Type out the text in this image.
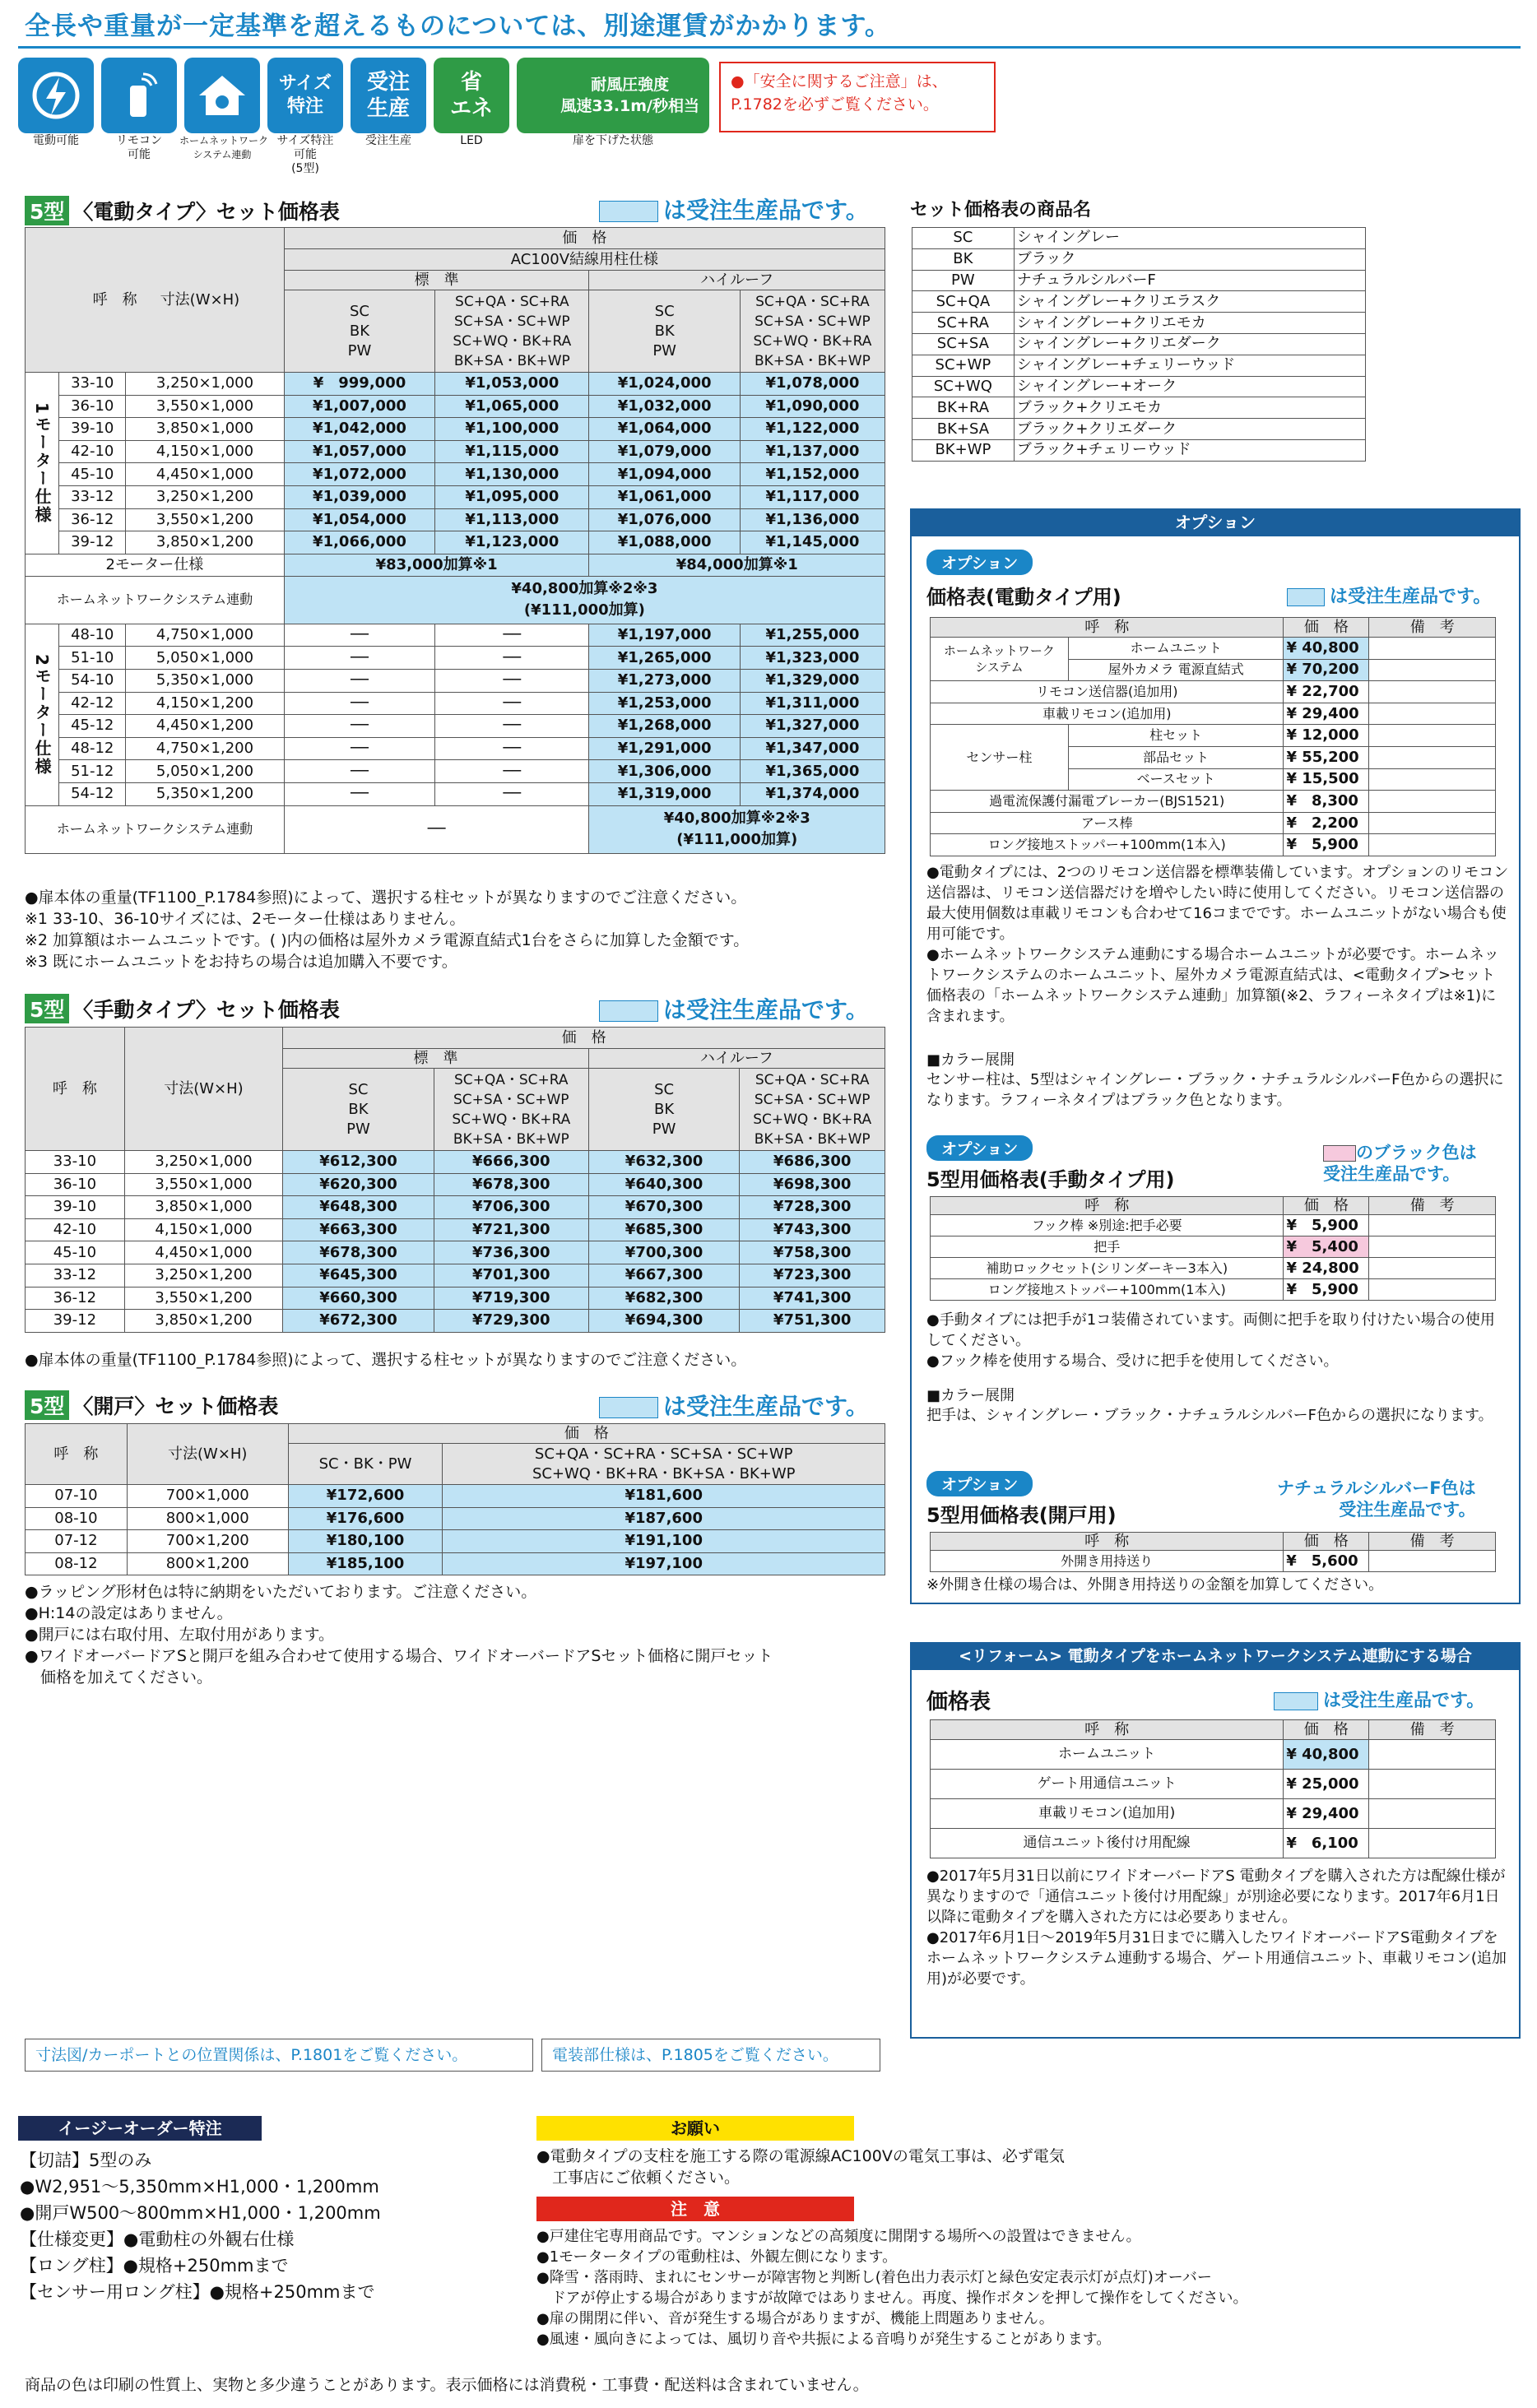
全長や重量が一定基準を超えるものについては、別途運賃がかかります。
電動可能	リモコン
可能
ホームネットワーク
システム連動
サイズ
特注
サイズ特注
可能
(5型)
受注
生産
受注生産
省
エネ
LED
耐風圧強度
風速33.1m/秒相当
扉を下げた状態
●「安全に関するご注意」は、
P.1782を必ずご覧ください。
5型 〈電動タイプ〉セット価格表	は受注生産品です。
呼　称 寸法(W×H)			価　格			
			AC100V結線用柱仕様			
			標　準		ハイルーフ	
			SC
BK
PW	SC+QA・SC+RA
SC+SA・SC+WP
SC+WQ・BK+RA
BK+SA・BK+WP	SC
BK
PW	SC+QA・SC+RA
SC+SA・SC+WP
SC+WQ・BK+RA
BK+SA・BK+WP
1モーター仕様	33-10	3,250×1,000	¥　999,000	¥1,053,000	¥1,024,000	¥1,078,000
	36-10	3,550×1,000	¥1,007,000	¥1,065,000	¥1,032,000	¥1,090,000
	39-10	3,850×1,000	¥1,042,000	¥1,100,000	¥1,064,000	¥1,122,000
	42-10	4,150×1,000	¥1,057,000	¥1,115,000	¥1,079,000	¥1,137,000
	45-10	4,450×1,000	¥1,072,000	¥1,130,000	¥1,094,000	¥1,152,000
	33-12	3,250×1,200	¥1,039,000	¥1,095,000	¥1,061,000	¥1,117,000
	36-12	3,550×1,200	¥1,054,000	¥1,113,000	¥1,076,000	¥1,136,000
	39-12	3,850×1,200	¥1,066,000	¥1,123,000	¥1,088,000	¥1,145,000
2モーター仕様			¥83,000加算※1		¥84,000加算※1	
ホームネットワークシステム連動			¥40,800加算※2※3
(¥111,000加算)			
2モーター仕様	48-10	4,750×1,000	──	──	¥1,197,000	¥1,255,000
	51-10	5,050×1,000	──	──	¥1,265,000	¥1,323,000
	54-10	5,350×1,000	──	──	¥1,273,000	¥1,329,000
	42-12	4,150×1,200	──	──	¥1,253,000	¥1,311,000
	45-12	4,450×1,200	──	──	¥1,268,000	¥1,327,000
	48-12	4,750×1,200	──	──	¥1,291,000	¥1,347,000
	51-12	5,050×1,200	──	──	¥1,306,000	¥1,365,000
	54-12	5,350×1,200	──	──	¥1,319,000	¥1,374,000
ホームネットワークシステム連動			──		¥40,800加算※2※3
(¥111,000加算)	
●扉本体の重量(TF1100_P.1784参照)によって、選択する柱セットが異なりますのでご注意ください。
※1 33-10、36-10サイズには、2モーター仕様はありません。
※2 加算額はホームユニットです。( )内の価格は屋外カメラ電源直結式1台をさらに加算した金額です。
※3 既にホームユニットをお持ちの場合は追加購入不要です。
5型 〈手動タイプ〉セット価格表	は受注生産品です。
呼　称	寸法(W×H)	価　格			
		標　準		ハイルーフ	
		SC
BK
PW	SC+QA・SC+RA
SC+SA・SC+WP
SC+WQ・BK+RA
BK+SA・BK+WP	SC
BK
PW	SC+QA・SC+RA
SC+SA・SC+WP
SC+WQ・BK+RA
BK+SA・BK+WP
33-10	3,250×1,000	¥612,300	¥666,300	¥632,300	¥686,300
36-10	3,550×1,000	¥620,300	¥678,300	¥640,300	¥698,300
39-10	3,850×1,000	¥648,300	¥706,300	¥670,300	¥728,300
42-10	4,150×1,000	¥663,300	¥721,300	¥685,300	¥743,300
45-10	4,450×1,000	¥678,300	¥736,300	¥700,300	¥758,300
33-12	3,250×1,200	¥645,300	¥701,300	¥667,300	¥723,300
36-12	3,550×1,200	¥660,300	¥719,300	¥682,300	¥741,300
39-12	3,850×1,200	¥672,300	¥729,300	¥694,300	¥751,300
●扉本体の重量(TF1100_P.1784参照)によって、選択する柱セットが異なりますのでご注意ください。
5型 〈開戸〉セット価格表	は受注生産品です。
呼　称	寸法(W×H)	価　格	
		SC・BK・PW	SC+QA・SC+RA・SC+SA・SC+WP
SC+WQ・BK+RA・BK+SA・BK+WP
07-10	700×1,000	¥172,600	¥181,600
08-10	800×1,000	¥176,600	¥187,600
07-12	700×1,200	¥180,100	¥191,100
08-12	800×1,200	¥185,100	¥197,100
●ラッピング形材色は特に納期をいただいております。ご注意ください。
●H:14の設定はありません。
●開戸には右取付用、左取付用があります。
●ワイドオーバードアSと開戸を組み合わせて使用する場合、ワイドオーバードアSセット価格に開戸セット
　価格を加えてください。
セット価格表の商品名
SC	シャイングレー
BK	ブラック
PW	ナチュラルシルバーF
SC+QA	シャイングレー+クリエラスク
SC+RA	シャイングレー+クリエモカ
SC+SA	シャイングレー+クリエダーク
SC+WP	シャイングレー+チェリーウッド
SC+WQ	シャイングレー+オーク
BK+RA	ブラック+クリエモカ
BK+SA	ブラック+クリエダーク
BK+WP	ブラック+チェリーウッド
オプション
オプション
価格表(電動タイプ用)	は受注生産品です。
呼　称		価　格	備　考
ホームネットワーク
システム	ホームユニット	¥ 40,800	
	屋外カメラ 電源直結式	¥ 70,200	
リモコン送信器(追加用)		¥ 22,700	
車載リモコン(追加用)		¥ 29,400	
センサー柱	柱セット	¥ 12,000	
	部品セット	¥ 55,200	
	ベースセット	¥ 15,500	
過電流保護付漏電ブレーカー(BJS1521)		¥　8,300	
アース棒		¥　2,200	
ロング接地ストッパー+100mm(1本入)		¥　5,900	
●電動タイプには、2つのリモコン送信器を標準装備しています。オプションのリモコン送信器は、リモコン送信器だけを増やしたい時に使用してください。リモコン送信器の最大使用個数は車載リモコンも合わせて16コまでです。ホームユニットがない場合も使用可能です。
●ホームネットワークシステム連動にする場合ホームユニットが必要です。ホームネットワークシステムのホームユニット、屋外カメラ電源直結式は、<電動タイプ>セット価格表の「ホームネットワークシステム連動」加算額(※2、ラフィーネタイプは※1)に含まれます。
■カラー展開
センサー柱は、5型はシャイングレー・ブラック・ナチュラルシルバーF色からの選択になります。ラフィーネタイプはブラック色となります。
オプション
5型用価格表(手動タイプ用)
のブラック色は
受注生産品です。
呼　称	価　格	備　考
フック棒 ※別途:把手必要	¥　5,900	
把手	¥　5,400	
補助ロックセット(シリンダーキー3本入)	¥ 24,800	
ロング接地ストッパー+100mm(1本入)	¥　5,900	
●手動タイプには把手が1コ装備されています。両側に把手を取り付けたい場合の使用してください。
●フック棒を使用する場合、受けに把手を使用してください。
■カラー展開
把手は、シャイングレー・ブラック・ナチュラルシルバーF色からの選択になります。
オプション
5型用価格表(開戸用)
ナチュラルシルバーF色は
受注生産品です。
呼　称	価　格	備　考
外開き用持送り	¥　5,600	
※外開き仕様の場合は、外開き用持送りの金額を加算してください。
<リフォーム> 電動タイプをホームネットワークシステム連動にする場合
価格表	は受注生産品です。
呼　称	価　格	備　考
ホームユニット	¥ 40,800	
ゲート用通信ユニット	¥ 25,000	
車載リモコン(追加用)	¥ 29,400	
通信ユニット後付け用配線	¥　6,100	
●2017年5月31日以前にワイドオーバードアS 電動タイプを購入された方は配線仕様が異なりますので「通信ユニット後付け用配線」が別途必要になります。2017年6月1日以降に電動タイプを購入された方には必要ありません。
●2017年6月1日〜2019年5月31日までに購入したワイドオーバードアS電動タイプをホームネットワークシステム連動する場合、ゲート用通信ユニット、車載リモコン(追加用)が必要です。
寸法図/カーポートとの位置関係は、P.1801をご覧ください。	電装部仕様は、P.1805をご覧ください。
イージーオーダー特注
【切詰】5型のみ
●W2,951〜5,350mm×H1,000・1,200mm
●開戸W500〜800mm×H1,000・1,200mm
【仕様変更】●電動柱の外観右仕様
【ロング柱】●規格+250mmまで
【センサー用ロング柱】●規格+250mmまで
お願い
●電動タイプの支柱を施工する際の電源線AC100Vの電気工事は、必ず電気
　工事店にご依頼ください。
注　意
●戸建住宅専用商品です。マンションなどの高頻度に開閉する場所への設置はできません。
●1モータータイプの電動柱は、外観左側になります。
●降雪・落雨時、まれにセンサーが障害物と判断し(着色出力表示灯と緑色安定表示灯が点灯)オーバー
　ドアが停止する場合がありますが故障ではありません。再度、操作ボタンを押して操作をしてください。
●扉の開閉に伴い、音が発生する場合がありますが、機能上問題ありません。
●風速・風向きによっては、風切り音や共振による音鳴りが発生することがあります。
商品の色は印刷の性質上、実物と多少違うことがあります。表示価格には消費税・工事費・配送料は含まれていません。
